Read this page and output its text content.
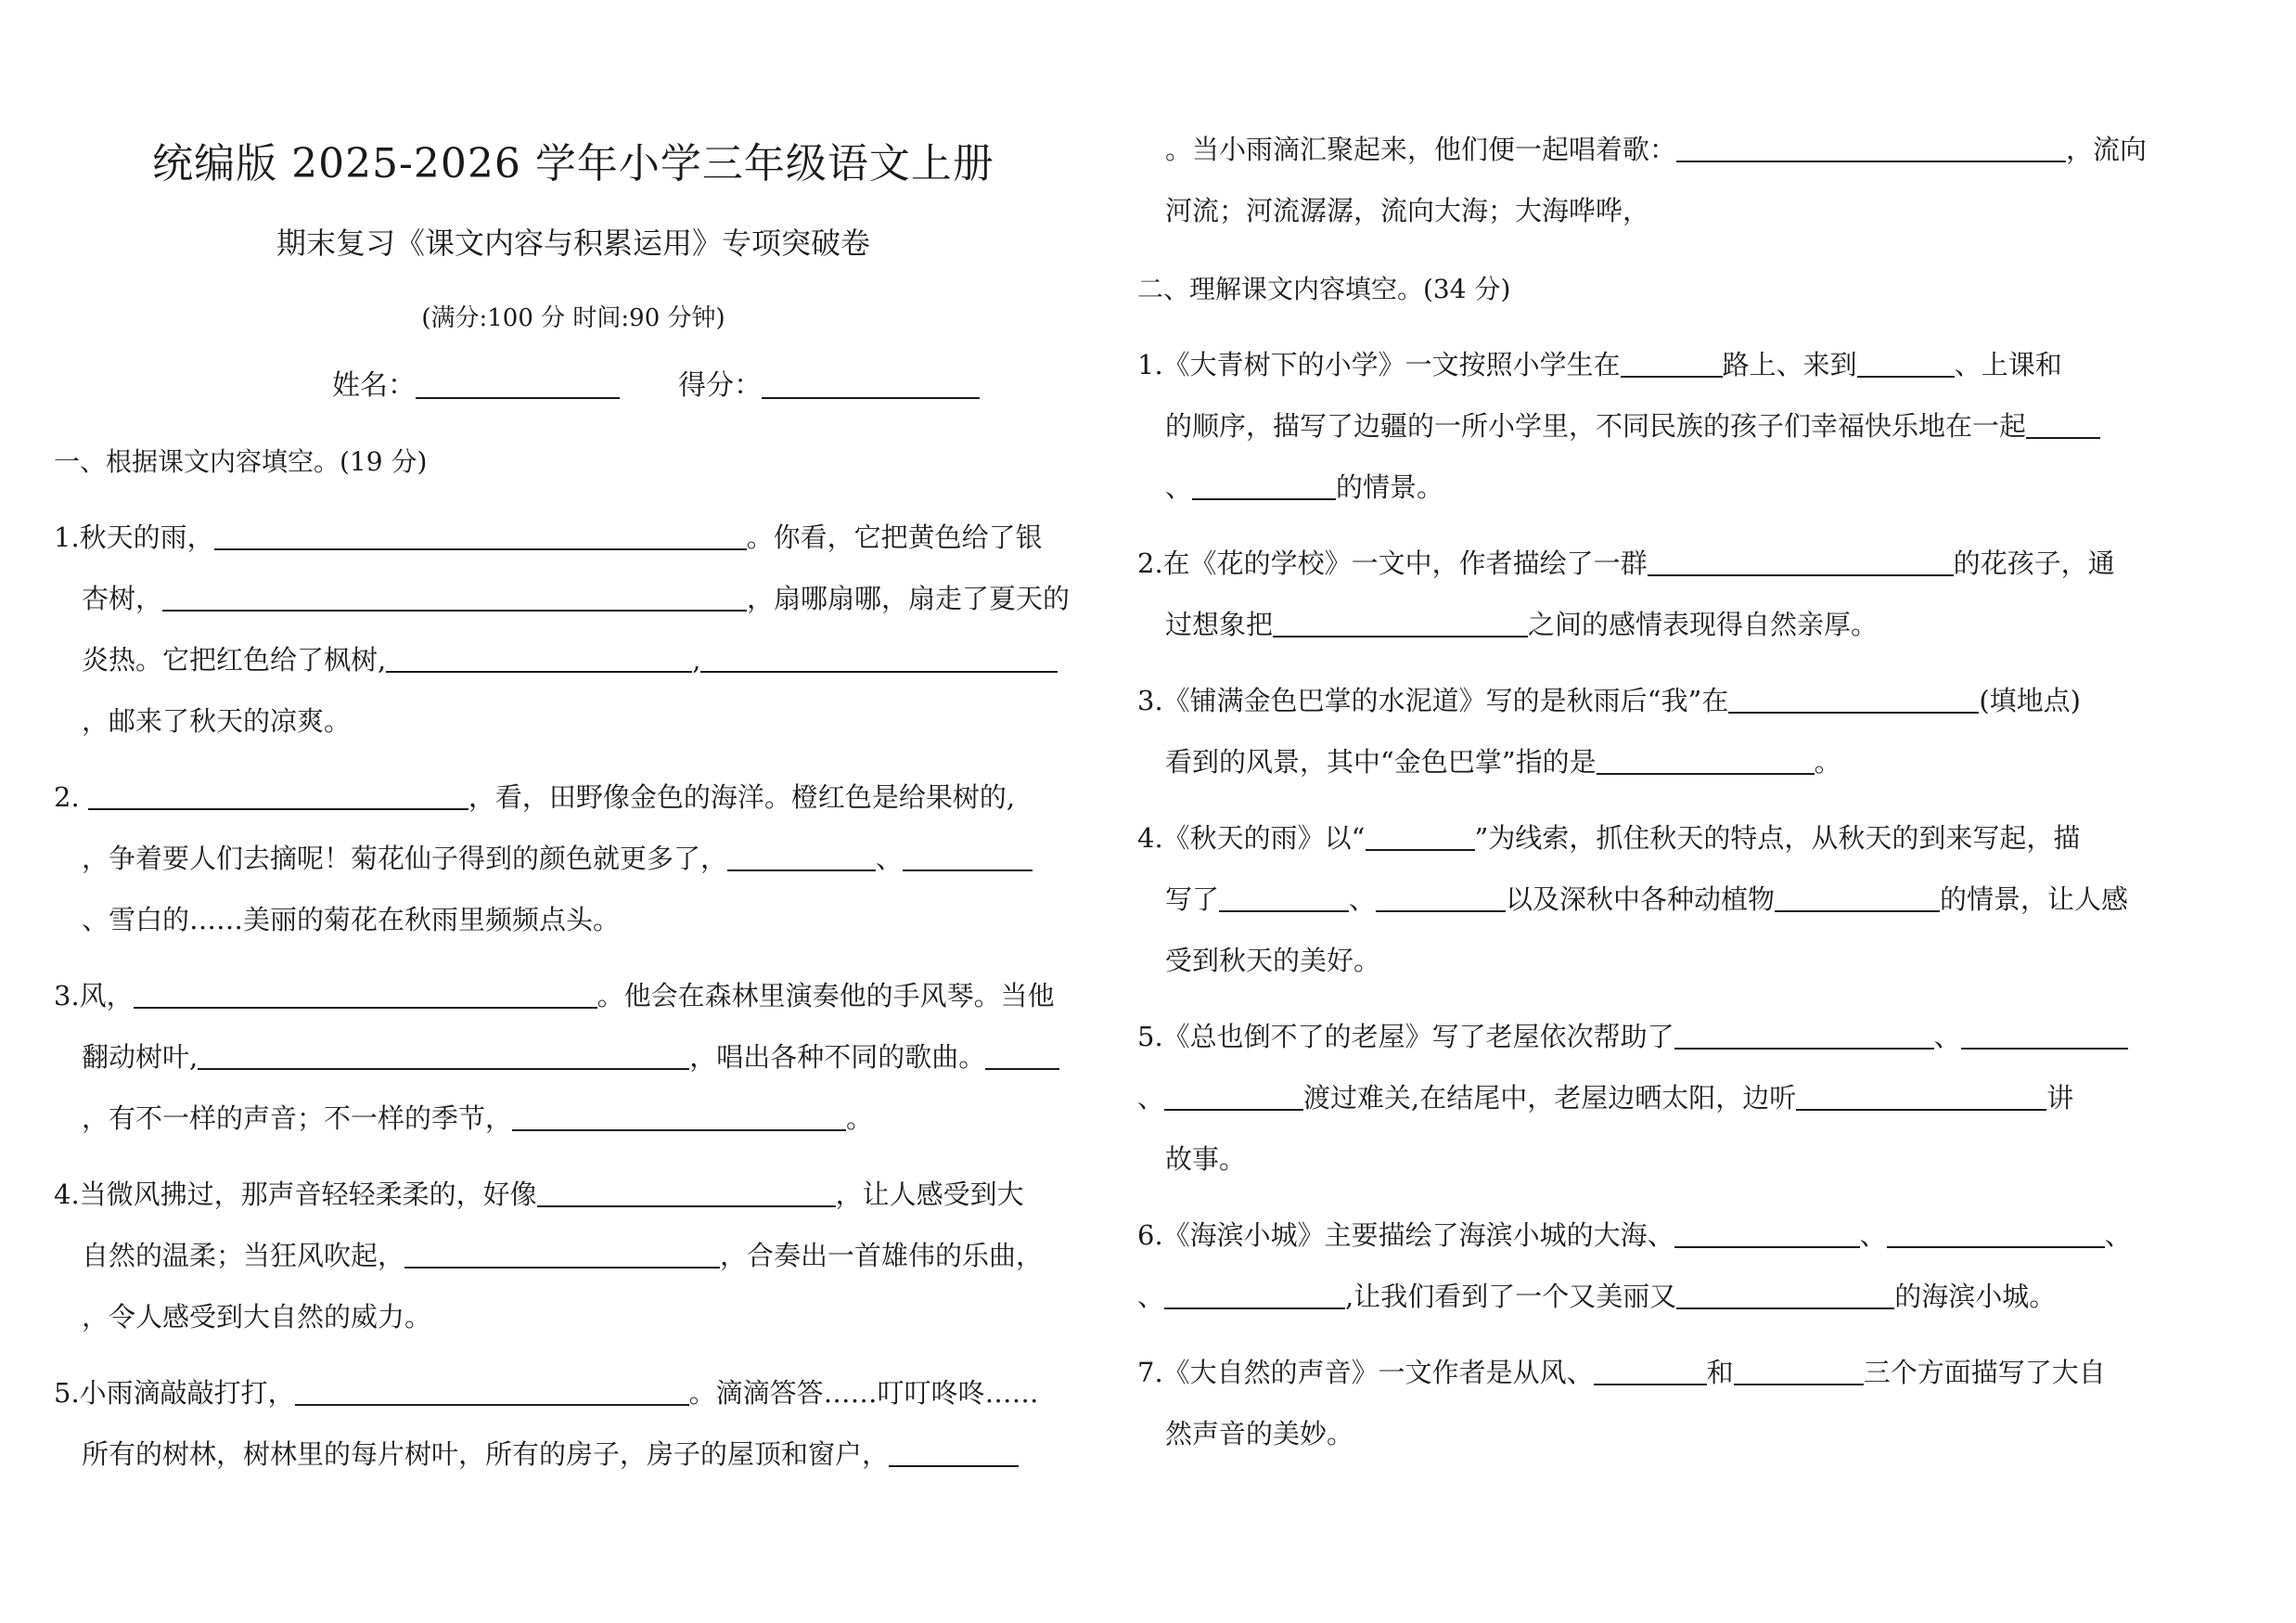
统编版 2025-2026 学年小学三年级语文上册
期末复习《课文内容与积累运用》专项突破卷
(满分:100 分 时间:90 分钟)
姓名：	得分：
一、根据课文内容填空。(19 分)
1.秋天的雨，	。你看，它把黄色给了银
杏树，	，扇哪扇哪，扇走了夏天的
炎热。它把红色给了枫树,	,
，邮来了秋天的凉爽。
2.	，看，田野像金色的海洋。橙红色是给果树的,
，争着要人们去摘呢！菊花仙子得到的颜色就更多了，	、
、雪白的……美丽的菊花在秋雨里频频点头。
3.风，	。他会在森林里演奏他的手风琴。当他
翻动树叶,	，唱出各种不同的歌曲。
，有不一样的声音；不一样的季节，	。
4.当微风拂过，那声音轻轻柔柔的，好像	，让人感受到大
自然的温柔；当狂风吹起，	，合奏出一首雄伟的乐曲，
，令人感受到大自然的威力。
5.小雨滴敲敲打打，	。滴滴答答……叮叮咚咚……
所有的树林，树林里的每片树叶，所有的房子，房子的屋顶和窗户，
。当小雨滴汇聚起来，他们便一起唱着歌：	，流向
河流；河流潺潺，流向大海；大海哗哗，
二、理解课文内容填空。(34 分)
1.《大青树下的小学》一文按照小学生在	路上、来到	、上课和
的顺序，描写了边疆的一所小学里，不同民族的孩子们幸福快乐地在一起
、	的情景。
2.在《花的学校》一文中，作者描绘了一群	的花孩子，通
过想象把	之间的感情表现得自然亲厚。
3.《铺满金色巴掌的水泥道》写的是秋雨后“我”在	(填地点)
看到的风景，其中“金色巴掌”指的是	。
4.《秋天的雨》以“	”为线索，抓住秋天的特点，从秋天的到来写起，描
写了	、	以及深秋中各种动植物	的情景，让人感
受到秋天的美好。
5.《总也倒不了的老屋》写了老屋依次帮助了	、
、	渡过难关,在结尾中，老屋边晒太阳，边听	讲
故事。
6.《海滨小城》主要描绘了海滨小城的大海、	、	、
、	,让我们看到了一个又美丽又	的海滨小城。
7.《大自然的声音》一文作者是从风、	和	三个方面描写了大自
然声音的美妙。
